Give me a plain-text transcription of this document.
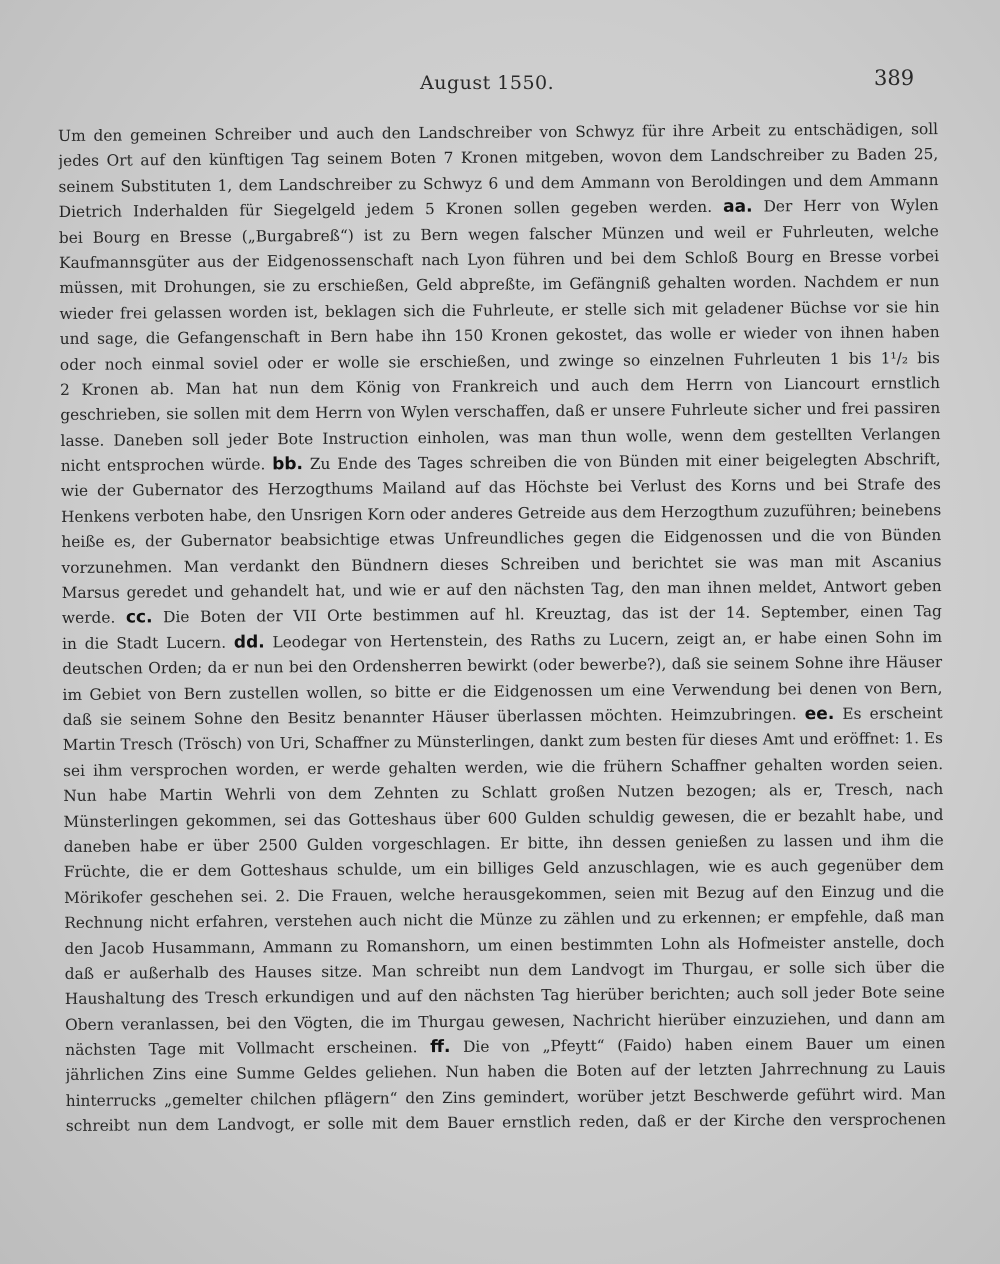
August 1550.	389
Um den gemeinen Schreiber und auch den Landschreiber von Schwyz für ihre Arbeit zu entschädigen, soll
jedes Ort auf den künftigen Tag seinem Boten 7 Kronen mitgeben, wovon dem Landschreiber zu Baden 25,
seinem Substituten 1, dem Landschreiber zu Schwyz 6 und dem Ammann von Beroldingen und dem Ammann
Dietrich Inderhalden für Siegelgeld jedem 5 Kronen sollen gegeben werden. aa. Der Herr von Wylen
bei Bourg en Bresse („Burgabreß“) ist zu Bern wegen falscher Münzen und weil er Fuhrleuten, welche
Kaufmannsgüter aus der Eidgenossenschaft nach Lyon führen und bei dem Schloß Bourg en Bresse vorbei
müssen, mit Drohungen, sie zu erschießen, Geld abpreßte, im Gefängniß gehalten worden. Nachdem er nun
wieder frei gelassen worden ist, beklagen sich die Fuhrleute, er stelle sich mit geladener Büchse vor sie hin
und sage, die Gefangenschaft in Bern habe ihn 150 Kronen gekostet, das wolle er wieder von ihnen haben
oder noch einmal soviel oder er wolle sie erschießen, und zwinge so einzelnen Fuhrleuten 1 bis 1¹/₂ bis
2 Kronen ab. Man hat nun dem König von Frankreich und auch dem Herrn von Liancourt ernstlich
geschrieben, sie sollen mit dem Herrn von Wylen verschaffen, daß er unsere Fuhrleute sicher und frei passiren
lasse. Daneben soll jeder Bote Instruction einholen, was man thun wolle, wenn dem gestellten Verlangen
nicht entsprochen würde. bb. Zu Ende des Tages schreiben die von Bünden mit einer beigelegten Abschrift,
wie der Gubernator des Herzogthums Mailand auf das Höchste bei Verlust des Korns und bei Strafe des
Henkens verboten habe, den Unsrigen Korn oder anderes Getreide aus dem Herzogthum zuzuführen; beinebens
heiße es, der Gubernator beabsichtige etwas Unfreundliches gegen die Eidgenossen und die von Bünden
vorzunehmen. Man verdankt den Bündnern dieses Schreiben und berichtet sie was man mit Ascanius
Marsus geredet und gehandelt hat, und wie er auf den nächsten Tag, den man ihnen meldet, Antwort geben
werde. cc. Die Boten der VII Orte bestimmen auf hl. Kreuztag, das ist der 14. September, einen Tag
in die Stadt Lucern. dd. Leodegar von Hertenstein, des Raths zu Lucern, zeigt an, er habe einen Sohn im
deutschen Orden; da er nun bei den Ordensherren bewirkt (oder bewerbe?), daß sie seinem Sohne ihre Häuser
im Gebiet von Bern zustellen wollen, so bitte er die Eidgenossen um eine Verwendung bei denen von Bern,
daß sie seinem Sohne den Besitz benannter Häuser überlassen möchten. Heimzubringen. ee. Es erscheint
Martin Tresch (Trösch) von Uri, Schaffner zu Münsterlingen, dankt zum besten für dieses Amt und eröffnet: 1. Es
sei ihm versprochen worden, er werde gehalten werden, wie die frühern Schaffner gehalten worden seien.
Nun habe Martin Wehrli von dem Zehnten zu Schlatt großen Nutzen bezogen; als er, Tresch, nach
Münsterlingen gekommen, sei das Gotteshaus über 600 Gulden schuldig gewesen, die er bezahlt habe, und
daneben habe er über 2500 Gulden vorgeschlagen. Er bitte, ihn dessen genießen zu lassen und ihm die
Früchte, die er dem Gotteshaus schulde, um ein billiges Geld anzuschlagen, wie es auch gegenüber dem
Mörikofer geschehen sei. 2. Die Frauen, welche herausgekommen, seien mit Bezug auf den Einzug und die
Rechnung nicht erfahren, verstehen auch nicht die Münze zu zählen und zu erkennen; er empfehle, daß man
den Jacob Husammann, Ammann zu Romanshorn, um einen bestimmten Lohn als Hofmeister anstelle, doch
daß er außerhalb des Hauses sitze. Man schreibt nun dem Landvogt im Thurgau, er solle sich über die
Haushaltung des Tresch erkundigen und auf den nächsten Tag hierüber berichten; auch soll jeder Bote seine
Obern veranlassen, bei den Vögten, die im Thurgau gewesen, Nachricht hierüber einzuziehen, und dann am
nächsten Tage mit Vollmacht erscheinen. ff. Die von „Pfeytt“ (Faido) haben einem Bauer um einen
jährlichen Zins eine Summe Geldes geliehen. Nun haben die Boten auf der letzten Jahrrechnung zu Lauis
hinterrucks „gemelter chilchen pflägern“ den Zins gemindert, worüber jetzt Beschwerde geführt wird. Man
schreibt nun dem Landvogt, er solle mit dem Bauer ernstlich reden, daß er der Kirche den versprochenen
